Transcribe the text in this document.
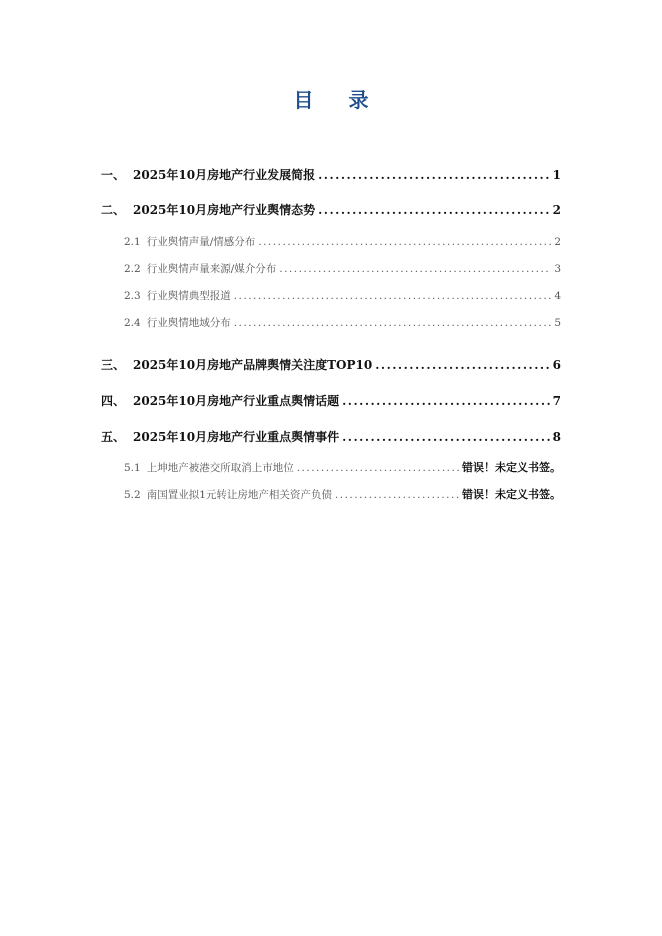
目 录
一、 2025年10月房地产行业发展简报 .....	1
二、 2025年10月房地产行业舆情态势 .....	2
2.1 行业舆情声量/情感分布 .....	2
2.2 行业舆情声量来源/媒介分布 .....	3
2.3 行业舆情典型报道 .....	4
2.4 行业舆情地域分布 .....	5
三、 2025年10月房地产品牌舆情关注度TOP10 .....	6
四、 2025年10月房地产行业重点舆情话题 .....	7
五、 2025年10月房地产行业重点舆情事件 .....	8
5.1 上坤地产被港交所取消上市地位 .....	错误！未定义书签。
5.2 南国置业拟1元转让房地产相关资产负债 .....	错误！未定义书签。
